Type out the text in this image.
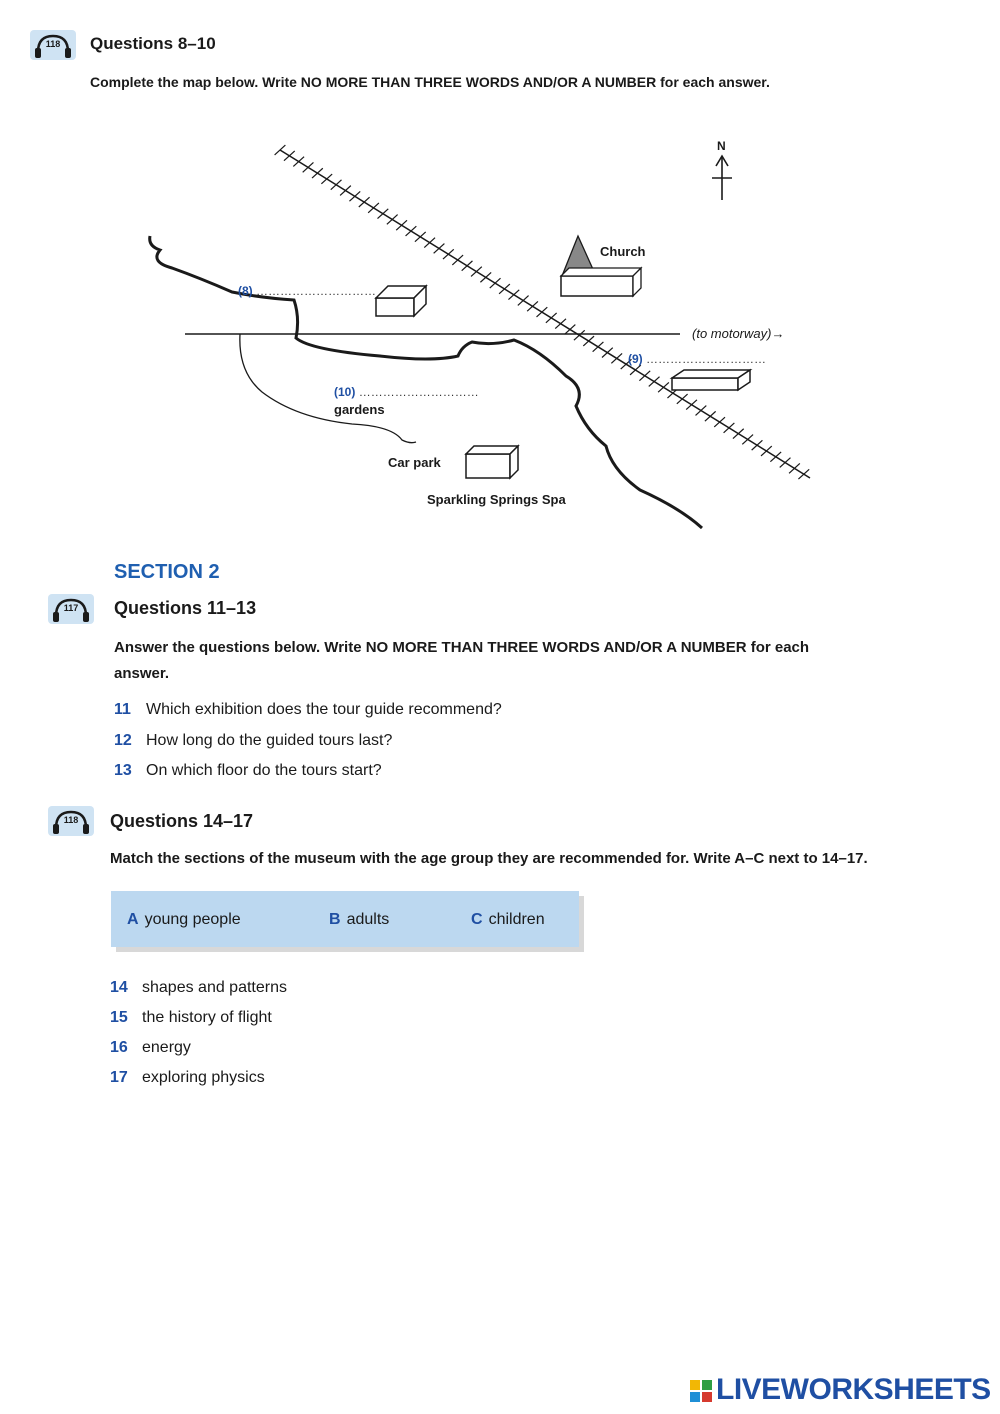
118 Questions 8–10
Complete the map below. Write NO MORE THAN THREE WORDS AND/OR A NUMBER for each answer.
N
Church
(to motorway)→
(8) …………………………
(9) …………………………
(10) …………………………
gardens
Car park
Sparkling Springs Spa
SECTION 2
117 Questions 11–13
Answer the questions below. Write NO MORE THAN THREE WORDS AND/OR A NUMBER for each
answer.
11 Which exhibition does the tour guide recommend?
12 How long do the guided tours last?
13 On which floor do the tours start?
118 Questions 14–17
Match the sections of the museum with the age group they are recommended for. Write A–C next to 14–17.
A young people	B adults	C children
14 shapes and patterns
15 the history of flight
16 energy
17 exploring physics
LIVEWORKSHEETS
